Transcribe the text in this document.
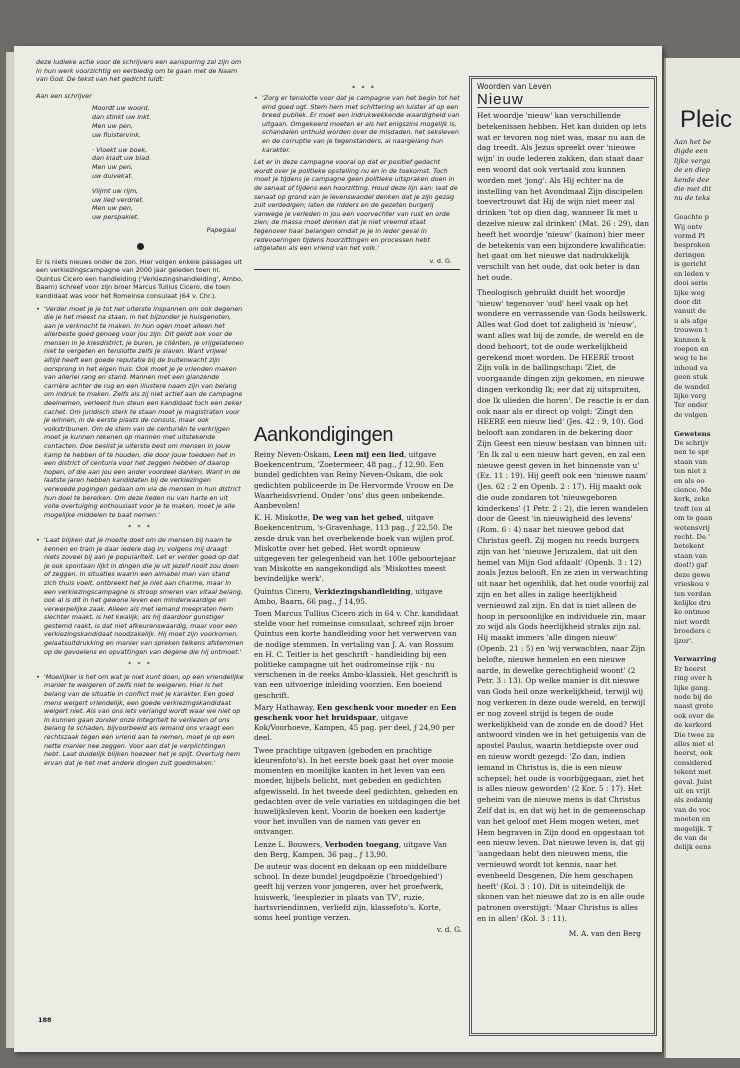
deze ludieke actie voor de schrijvers een aansporing zal zijn om in hun werk voorzichtig en eerbiedig om te gaan met de Naam van God. De tekst van het gedicht luidt:

Aan een schrijver

Moordt uw woord,
dan stinkt uw inkt.
Men uw pen,
uw fluistervink.
· Vloekt uw boek,
dan kladt uw blad.
Men uw pen,
uw duivekat.
Vlijmt uw rijm,
uw lied verdriet.
Men uw pen,
uw perspakiet.

Papegaai

Er is niets nieuws onder de zon. Hier volgen enkele passages uit een verkiezingscampagne van 2000 jaar geleden toen nl. Quintus Cicero een handleiding ('Verkiezingshandleiding', Ambo, Baarn) schreef voor zijn broer Marcus Tullius Cicero, die toen kandidaat was voor het Romeinse consulaat (64 v. Chr.).

• 'Verder moet je je tot het uiterste inspannen om ook degenen die je het meest na staan, in het bijzonder je huisgenoten, aan je verknocht te maken. In hun ogen moet alleen het allerbeste goed genoeg voor jou zijn. Dit geldt ook voor de mensen in je kiesdistrict, je buren, je cliënten, je vrijgelatenen niet te vergeten en tenslotte zelfs je slaven. Want vrijwel altijd heeft een goede reputatie bij de buitenwacht zijn oorsprong in het eigen huis. Ook moet je je vrienden maken van allerlei rang en stand. Mannen met een glanzende carrière achter de rug en een illustere naam zijn van belang om indruk te maken. Zelfs als zij niet actief aan de campagne deelnemen, verleent hun steun een kandidaat toch een zeker cachet. Om juridisch sterk te staan moet je magistraten voor je winnen, in de eerste plaats de consuls, maar ook volkstribunen. Om de stem van de centuriën te verkrijgen moet je kunnen rekenen op mannen met uitstekende contacten. Doe beslist je uiterste best om mensen in jouw kamp te hebben of te houden, die door jouw toedoen het in een district of centuria voor het zeggen hebben of daarop hopen, of die aan jou een ander voordeel danken. Want in de laatste jaren hebben kandidaten bij de verkiezingen verwoede pogingen gedaan om via de mensen in hun district hun doel te bereiken. Om deze lieden nu van harte en uit volle overtuiging enthousiast voor je te maken, moet je alle mogelijke middelen te baat nemen.'

* * *

• 'Laat blijken dat je moeite doet om de mensen bij naam te kennen en train je daar iedere dag in; volgens mij draagt niets zoveel bij aan je populariteit. Let er verder goed op dat je ook spontaan lijkt in dingen die je uit jezelf nooit zou doen of zeggen. In situaties waarin een aimabel man van stand zich thuis voelt, ontbreekt het je niet aan charme, maar in een verkiezingscampagne is stroop smeren van vitaal belang, ook al is dit in het gewone leven een minderwaardige en verwerpelijke zaak. Alleen als met iemand meepraten hem slechter maakt, is het kwalijk; als hij daardoor gunstiger gestemd raakt, is dat niet afkeurenswaardig, maar voor een verkiezingskandidaat noodzakelijk. Hij moet zijn voorkomen, gelaatsuitdrukking en manier van spreken telkens afstemmen op de gevoelens en opvattingen van degene die hij ontmoet.'

* * *

• 'Moeilijker is het om wat je niet kunt doen, op een vriendelijke manier te weigeren of zelfs niet te weigeren. Hier is het belang van de situatie in conflict met je karakter. Een goed mens weigert vriendelijk, een goede verkiezingskandidaat weigert niet. Als van ons iets verlangd wordt waar we niet op in kunnen gaan zonder onze integriteit te verliezen of ons belang te schaden, bijvoorbeeld als iemand ons vraagt een rechtszaak tegen een vriend aan te nemen, moet je op een nette manier nee zeggen. Voor aan dat je verplichtingen hebt. Laat duidelijk blijken hoezeer het je spijt. Overtuig hem ervan dat je het met andere dingen zult goedmaken.'

* * *

• 'Zorg er tenslotte voor dat je campagne van het begin tot het eind goed ogt. Stem hem met schittering en luister af op een breed publiek. Er moet een indrukwekkende waardigheid van uitgaan. Omgekeerd moeten er als het enigszins mogelijk is, schandalen onthuld worden over de misdaden, het seksleven en de corruptie van je tegenstanders, al naargelang hun karakter.

Let er in deze campagne vooral op dat er positief gedacht wordt over je politieke opstelling nu en in de toekomst. Toch moet je tijdens je campagne geen politieke uitspraken doen in de senaat of tijdens een hoorzitting. Houd deze lijn aan: laat de senaat op grond van je levenswandel denken dat je zijn gezag zult verdedigen; laten de ridders en de gezeten burgerij vanwege je verleden in jou een voorvechter van rust en orde zien; de massa moet denken dat je niet vreemd staat tegenover haar belangen omdat je je in ieder geval in redevoeringen tijdens hoorzittingen en processen hebt uitgelaten als een vriend van het volk.'

v. d. G.

Aankondigingen

Reiny Neven-Oskam, Leen mij een lied, uitgave Boekencentrum, 'Zoetermeer, 48 pag., ƒ 12,90. Een bundel gedichten van Reiny Neven-Oskam, die ook gedichten publiceerde in De Hervormde Vrouw en De Waarheidsvriend. Onder 'ons' dus geen onbekende. Aanbevolen!

K. H. Miskotte, De weg van het gebed, uitgave Boekencentrum, 's-Gravenhage, 113 pag., ƒ 22,50. De zesde druk van het overbekende boek van wijlen prof. Miskotte over het gebed. Het wordt opnieuw uitgegeven ter gelegenheid van het 100e geboortejaar van Miskotte en aangekondigd als 'Miskottes meest bevindelijke werk'.

Quintus Cicero, Verkiezingshandleiding, uitgave Ambo, Baarn, 66 pag., ƒ 14,95.

Toen Marcus Tullius Cicero zich in 64 v. Chr. kandidaat stelde voor het romeinse consulaat, schreef zijn broer Quintus een korte handleiding voor het verwerven van de nodige stemmen. In vertaling van J. A. van Rossum en H. C. Teitler is het geschrift - handleiding bij een politieke campagne uit het oudromeinse rijk - nu verschenen in de reeks Ambo-klassiek. Het geschrift is van een uitvoerige inleiding voorzien. Een boeiend geschrift.

Mary Hathaway, Een geschenk voor moeder en Een geschenk voor het bruidspaar, uitgave Kok/Voorhoeve, Kampen, 45 pag. per deel, ƒ 24,90 per deel.

Twee prachtige uitgaven (geboden en prachtige kleurenfoto's). In het eerste boek gaat het over mooie momenten en moeilijke kanten in het leven van een moeder, bijbels belicht, met gebeden en gedichten afgewisseld. In het tweede deel gedichten, gebeden en gedachten over de vele variaties en uitdagingen die het huwelijksleven kent. Voorin de boeken een kadertje voor het invullen van de namen van gever en ontvanger.

Lenze L. Bouwers, Verboden toegang, uitgave Van den Berg, Kampen. 36 pag., ƒ 13,90.

De auteur was docent en dekaan op een middelbare school. In deze bundel jeugdpoëzie ('broedgebied') geeft hij verzen voor jongeren, over het proefwerk, huiswerk, 'leesplezier in plaats van TV', ruzie, hartsvriendinnen, verliefd zijn, klassefoto's. Korte, soms heel puntige verzen.

v. d. G.

Woorden van Leven
Nieuw

Het woordje 'nieuw' kan verschillende betekenissen hebben. Het kan duiden op iets wat er tevoren nog niet was, maar nu aan de dag treedt. Als Jezus spreekt over 'nieuwe wijn' in oude lederen zakken, dan staat daar een woord dat ook vertaald zou kunnen worden met 'jong'. Als Hij echter na de instelling van het Avondmaal Zijn discipelen toevertrouwt dat Hij de wijn niet meer zal drinken 'tot op dien dag, wanneer Ik met u dezelve nieuw zal drinken' (Mat. 26 : 29), dan heeft het woordje 'nieuw' (kainon) hier meer de betekenis van een bijzondere kwalificatie: het gaat om het nieuwe dat nadrukkelijk verschilt van het oude, dat ook beter is dan het oude.

Theologisch gebruikt duidt het woordje 'nieuw' tegenover 'oud' heel vaak op het wondere en verrassende van Gods heilswerk. Alles wat God doet tot zaligheid is 'nieuw', want alles wat bij de zonde, de wereld en de dood behoort, tot de oude werkelijkheid gerekend moet worden. De HEERE troost Zijn volk in de ballingschap: 'Ziet, de voorgaande dingen zijn gekomen, en nieuwe dingen verkondig Ik; eer dat zij uitspruiten, doe Ik ulieden die horen'. De reactie is er dan ook naar als er direct op volgt: 'Zingt den HEERE een nieuw lied' (Jes. 42 : 9, 10). God belooft aan zondaren in de bekering door Zijn Geest een nieuw bestaan van binnen uit: 'En Ik zal u een nieuw hart geven, en zal een nieuwe geest geven in het binnenste van u' (Ez. 11 : 19). Hij geeft ook een 'nieuwe naam' (Jes. 62 : 2 en Openb. 2 : 17). Hij maakt ook die oude zondaren tot 'nieuwgeboren kinderkens' (1 Petr. 2 : 2), die leren wandelen door de Geest 'in nieuwigheid des levens' (Rom. 6 : 4) naar het nieuwe gebod dat Christus geeft. Zij mogen nu reeds burgers zijn van het 'nieuwe Jeruzalem, dat uit den hemel van Mijn God afdaalt' (Openb. 3 : 12) zoals Jezus belooft. En ze zien in verwachting uit naar het ogenblik, dat het oude voorbij zal zijn en het alles in zalige heerlijkheid vernieuwd zal zijn. En dat is niet alleen de hoop in persoonlijke en individuele zin, maar zo wijd als Gods heerlijkheid straks zijn zal. Hij maakt immers 'alle dingen nieuw' (Openb. 21 : 5) en 'wij verwachten, naar Zijn belofte, nieuwe hemelen en een nieuwe aarde, in dewelke gerechtigheid woont' (2 Petr. 3 : 13). Op welke manier is dit nieuwe van Gods heil onze werkelijkheid, terwijl wij nog verkeren in deze oude wereld, en terwijl er nog zoveel strijd is tegen de oude werkelijkheid van de zonde en de dood? Het antwoord vinden we in het getuigenis van de apostel Paulus, waarin hetdiepste over oud en nieuw wordt gezegd: 'Zo dan, indien iemand in Christus is, die is een nieuw schepsel; het oude is voorbijgegaan, ziet het is alles nieuw geworden' (2 Kor. 5 : 17). Het geheim van de nieuwe mens is dat Christus Zelf dat is, en dat wij het in de gemeenschap van het geloof met Hem mogen weten, met Hem begraven in Zijn dood en opgestaan tot een nieuw leven. Dat nieuwe leven is, dat gij 'aangedaan hebt den nieuwen mens, die vernieuwd wordt tot kennis, naar het evenbeeld Desgenen, Die hem geschapen heeft' (Kol. 3 : 10). Dit is uiteindelijk de skonen van het nieuwe dat zo is en alle oude patronen overstijgt: 'Maar Christus is alles en in allen' (Kol. 3 : 11).

M. A. van den Berg

188
Pleic
Aan het be
digde een
lijke verga
de en diep
kende dee
die met dit
nu de teks

Geachte p
Wij ontv
vormd Pl
besproken
deringen
is gericht
en leden v
dooi serie
lijke weg
door dit
vanuit de
u als afge
trouwen t
kunnen k
roepen en
weg te be
inhoud va
geen stuk
de wandel
lijke verg
Ter onder
de volgen

Gewetens
De schrijv
nen te spr
staan van
ten niet z
en als oo
cience. Me
kerk, zeke
treft (en al
om te gaan
wetensvrij
recht. De '
betekent
staan van
dool!) gaf
deze gewe
vrieskou v
ten verdan
kelijke dru
ke ontmoe
niet wordt
broeders c
ijzer'.

Verwarring
Er heerst
ring over h
lijke gang.
node bij de
naast grote
ook over de
de kerkord
Die twee za
alles met el
heerst, ook
considered
tekent met
geval. Juist
uit en vrijt
als zodanig
van de voc
moeten en
mogelijk. T
de van de
delijk eens
